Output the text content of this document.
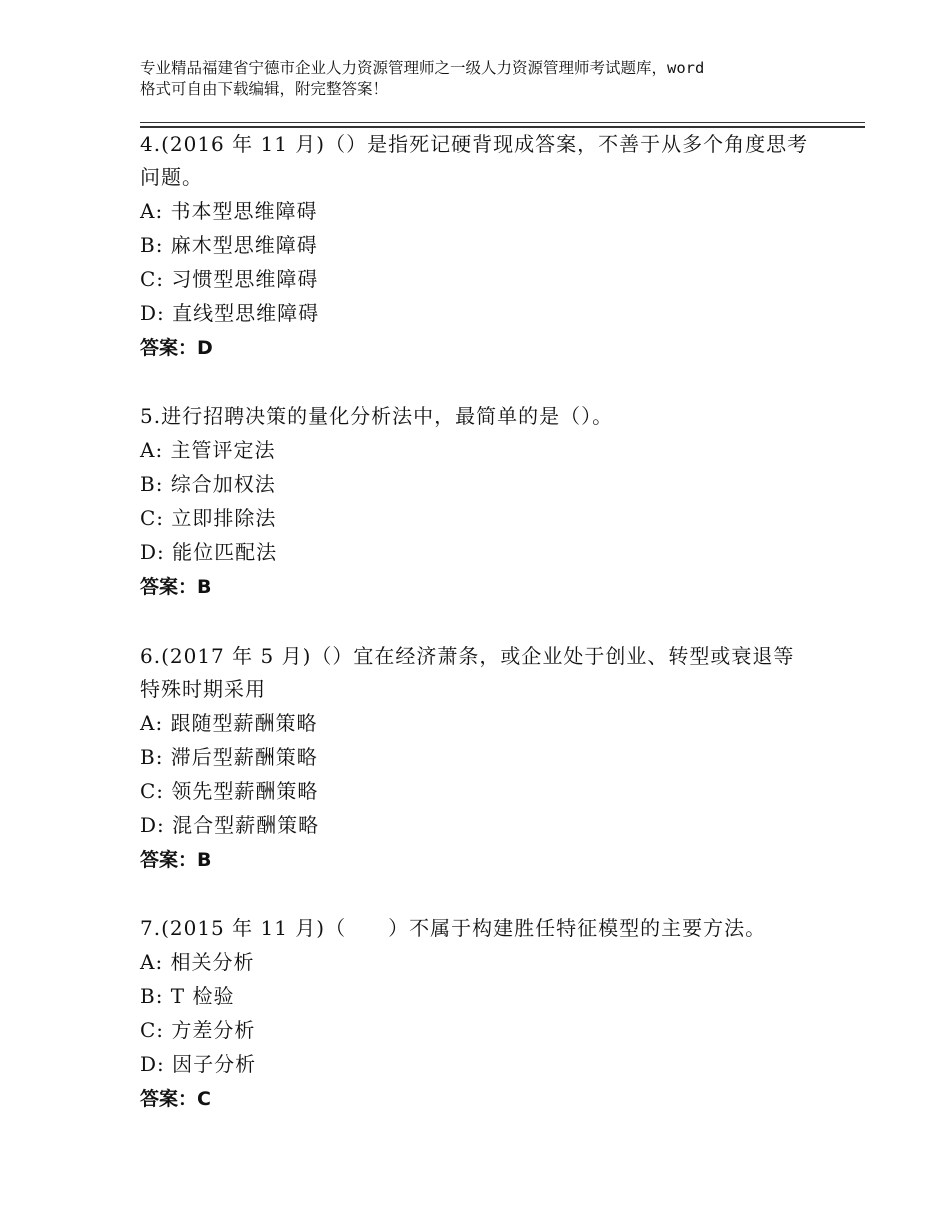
专业精品福建省宁德市企业人力资源管理师之一级人力资源管理师考试题库，word
格式可自由下载编辑，附完整答案！

4.(2016 年 11 月)（）是指死记硬背现成答案，不善于从多个角度思考

问题。

A: 书本型思维障碍

B: 麻木型思维障碍

C: 习惯型思维障碍

D: 直线型思维障碍

答案：D

5.进行招聘决策的量化分析法中，最简单的是（）。

A: 主管评定法

B: 综合加权法

C: 立即排除法

D: 能位匹配法

答案：B

6.(2017 年 5 月)（）宜在经济萧条，或企业处于创业、转型或衰退等

特殊时期采用

A: 跟随型薪酬策略

B: 滞后型薪酬策略

C: 领先型薪酬策略

D: 混合型薪酬策略

答案：B

7.(2015 年 11 月)（　　）不属于构建胜任特征模型的主要方法。

A: 相关分析

B: T 检验

C: 方差分析

D: 因子分析

答案：C
